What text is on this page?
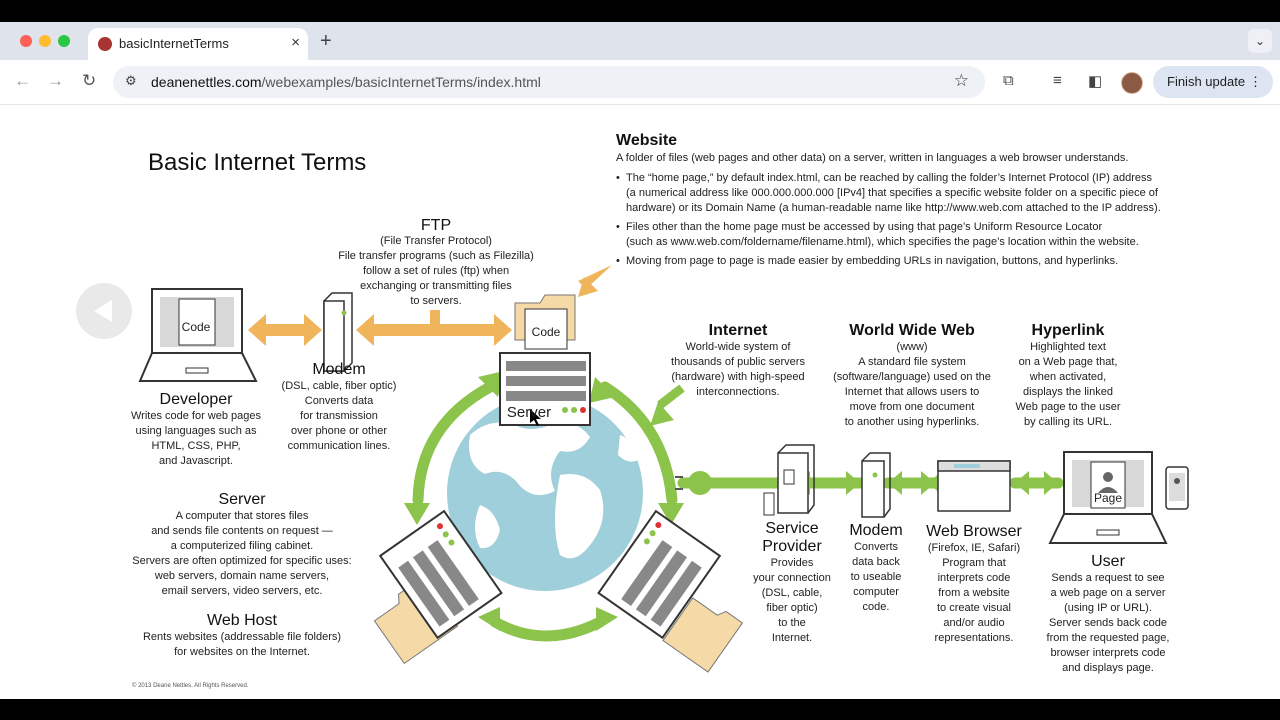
basicInternetTerms	× +	⌄
← → ↻ ⚙ deanenettles.com/webexamples/basicInternetTerms/index.html	☆ ⧉	≡ ◧	Finish update ⋮
Basic Internet Terms
Website
A folder of files (web pages and other data) on a server, written in languages a web browser understands.
• The “home page,” by default index.html, can be reached by calling the folder’s Internet Protocol (IP) address
(a numerical address like 000.000.000.000 [IPv4] that specifies a specific website folder on a specific piece of
hardware) or its Domain Name (a human-readable name like http://www.web.com attached to the IP address).
• Files other than the home page must be accessed by using that page’s Uniform Resource Locator
(such as www.web.com/foldername/filename.html), which specifies the page’s location within the website.
• Moving from page to page is made easier by embedding URLs in navigation, buttons, and hyperlinks.
FTP
(File Transfer Protocol)
File transfer programs (such as Filezilla)
follow a set of rules (ftp) when
exchanging or transmitting files
to servers.
Code	Code
Server
Page
Developer
Writes code for web pages
using languages such as
HTML, CSS, PHP,
and Javascript.
Modem
(DSL, cable, fiber optic)
Converts data
for transmission
over phone or other
communication lines.
Server
A computer that stores files
and sends file contents on request —
a computerized filing cabinet.
Servers are often optimized for specific uses:
web servers, domain name servers,
email servers, video servers, etc.
Web Host
Rents websites (addressable file folders)
for websites on the Internet.
Internet
World-wide system of
thousands of public servers
(hardware) with high-speed
interconnections.
World Wide Web
(www)
A standard file system
(software/language) used on the
Internet that allows users to
move from one document
to another using hyperlinks.
Hyperlink
Highlighted text
on a Web page that,
when activated,
displays the linked
Web page to the user
by calling its URL.
Service
Provider
Provides
your connection
(DSL, cable,
fiber optic)
to the
Internet.
Modem
Converts
data back
to useable
computer
code.
Web Browser
(Firefox, IE, Safari)
Program that
interprets code
from a website
to create visual
and/or audio
representations.
User
Sends a request to see
a web page on a server
(using IP or URL).
Server sends back code
from the requested page,
browser interprets code
and displays page.
© 2013 Deane Nettles. All Rights Reserved.
